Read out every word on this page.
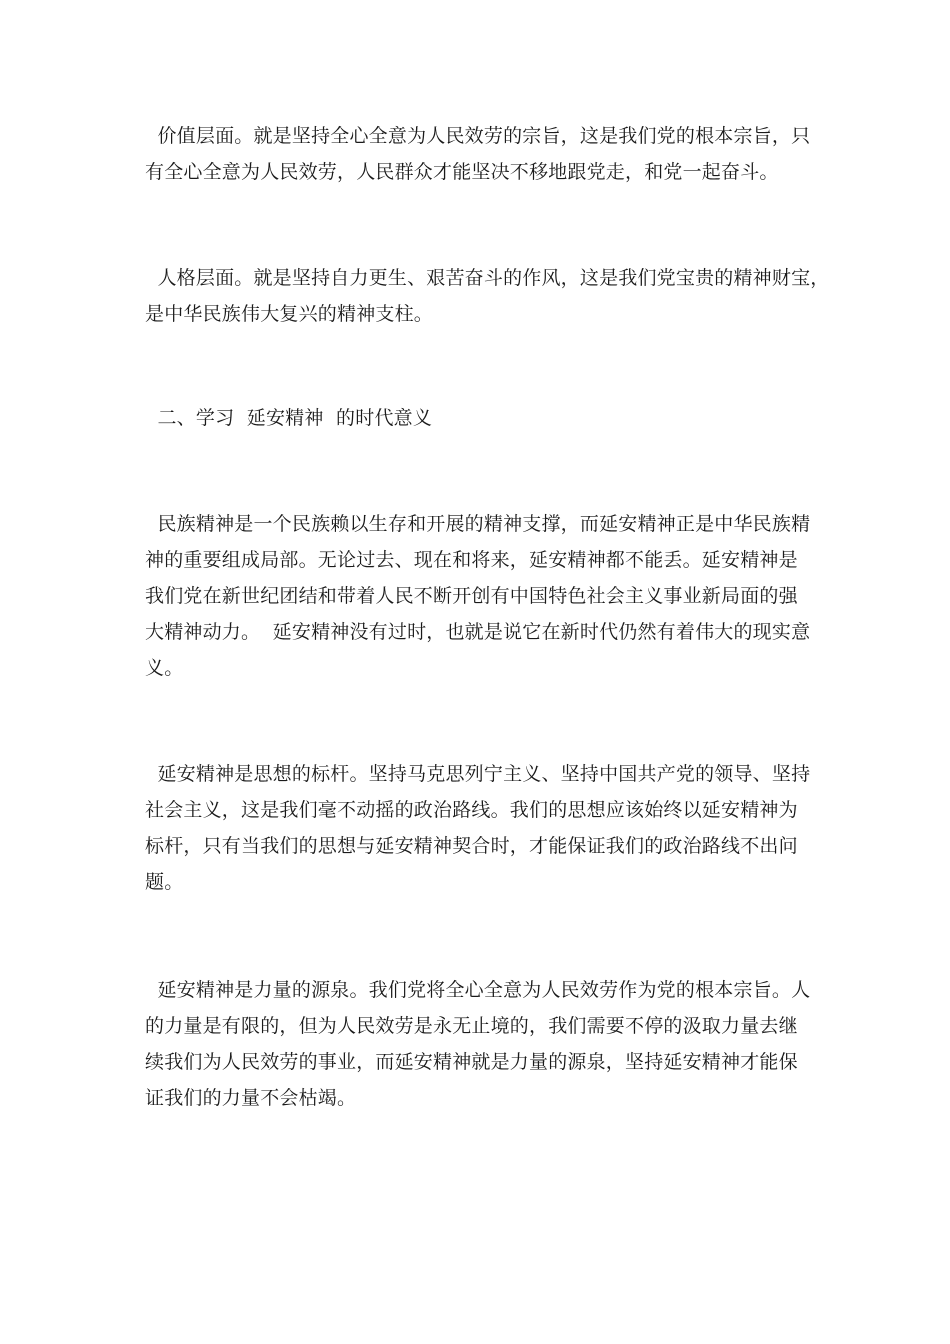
价值层面。就是坚持全心全意为人民效劳的宗旨，这是我们党的根本宗旨，只
有全心全意为人民效劳，人民群众才能坚决不移地跟党走，和党一起奋斗。

人格层面。就是坚持自力更生、艰苦奋斗的作风，这是我们党宝贵的精神财宝，
是中华民族伟大复兴的精神支柱。

二、学习  延安精神  的时代意义

民族精神是一个民族赖以生存和开展的精神支撑，而延安精神正是中华民族精
神的重要组成局部。无论过去、现在和将来，延安精神都不能丢。延安精神是
我们党在新世纪团结和带着人民不断开创有中国特色社会主义事业新局面的强
大精神动力。  延安精神没有过时，也就是说它在新时代仍然有着伟大的现实意
义。

延安精神是思想的标杆。坚持马克思列宁主义、坚持中国共产党的领导、坚持
社会主义，这是我们毫不动摇的政治路线。我们的思想应该始终以延安精神为
标杆，只有当我们的思想与延安精神契合时，才能保证我们的政治路线不出问
题。

延安精神是力量的源泉。我们党将全心全意为人民效劳作为党的根本宗旨。人
的力量是有限的，但为人民效劳是永无止境的，我们需要不停的汲取力量去继
续我们为人民效劳的事业，而延安精神就是力量的源泉，坚持延安精神才能保
证我们的力量不会枯竭。
